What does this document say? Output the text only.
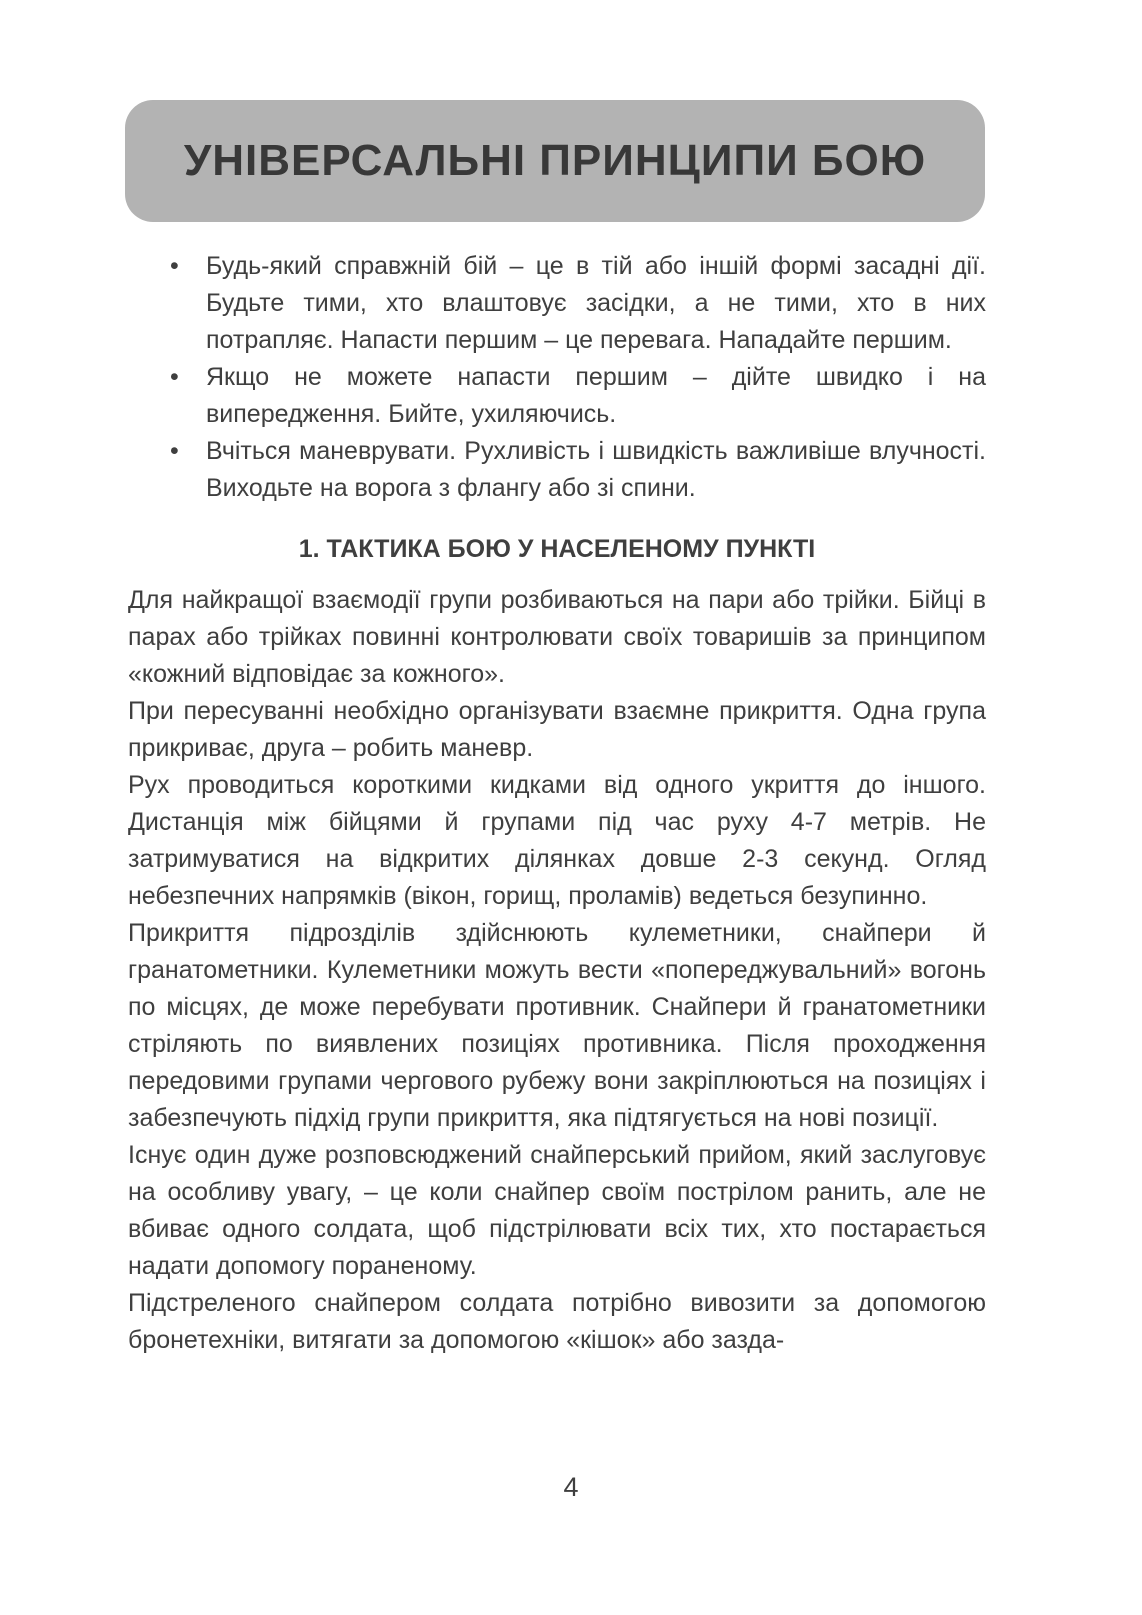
УНІВЕРСАЛЬНІ ПРИНЦИПИ БОЮ
• Будь-який справжній бій – це в тій або іншій формі засадні дії. Будьте тими, хто влаштовує засідки, а не тими, хто в них потрапляє. Напасти першим – це перевага. Нападайте першим.
• Якщо не можете напасти першим – дійте швидко і на випередження. Бийте, ухиляючись.
• Вчіться маневрувати. Рухливість і швидкість важливіше влучності. Виходьте на ворога з флангу або зі спини.
1. ТАКТИКА БОЮ У НАСЕЛЕНОМУ ПУНКТІ

Для найкращої взаємодії групи розбиваються на пари або трійки. Бійці в парах або трійках повинні контролювати своїх товаришів за принципом «кожний відповідає за кожного».

При пересуванні необхідно організувати взаємне прикриття. Одна група прикриває, друга – робить маневр.

Рух проводиться короткими кидками від одного укриття до іншого. Дистанція між бійцями й групами під час руху 4-7 метрів. Не затримуватися на відкритих ділянках довше 2-3 секунд. Огляд небезпечних напрямків (вікон, горищ, проламів) ведеться безупинно.

Прикриття підрозділів здійснюють кулеметники, снайпери й гранатометники. Кулеметники можуть вести «попереджувальний» вогонь по місцях, де може перебувати противник. Снайпери й гранатометники стріляють по виявлених позиціях противника. Після проходження передовими групами чергового рубежу вони закріплюються на позиціях і забезпечують підхід групи прикриття, яка підтягується на нові позиції.

Існує один дуже розповсюджений снайперський прийом, який заслуговує на особливу увагу, – це коли снайпер своїм пострілом ранить, але не вбиває одного солдата, щоб підстрілювати всіх тих, хто постарається надати допомогу пораненому.

Підстреленого снайпером солдата потрібно вивозити за допомогою бронетехніки, витягати за допомогою «кішок» або зазда-

4
